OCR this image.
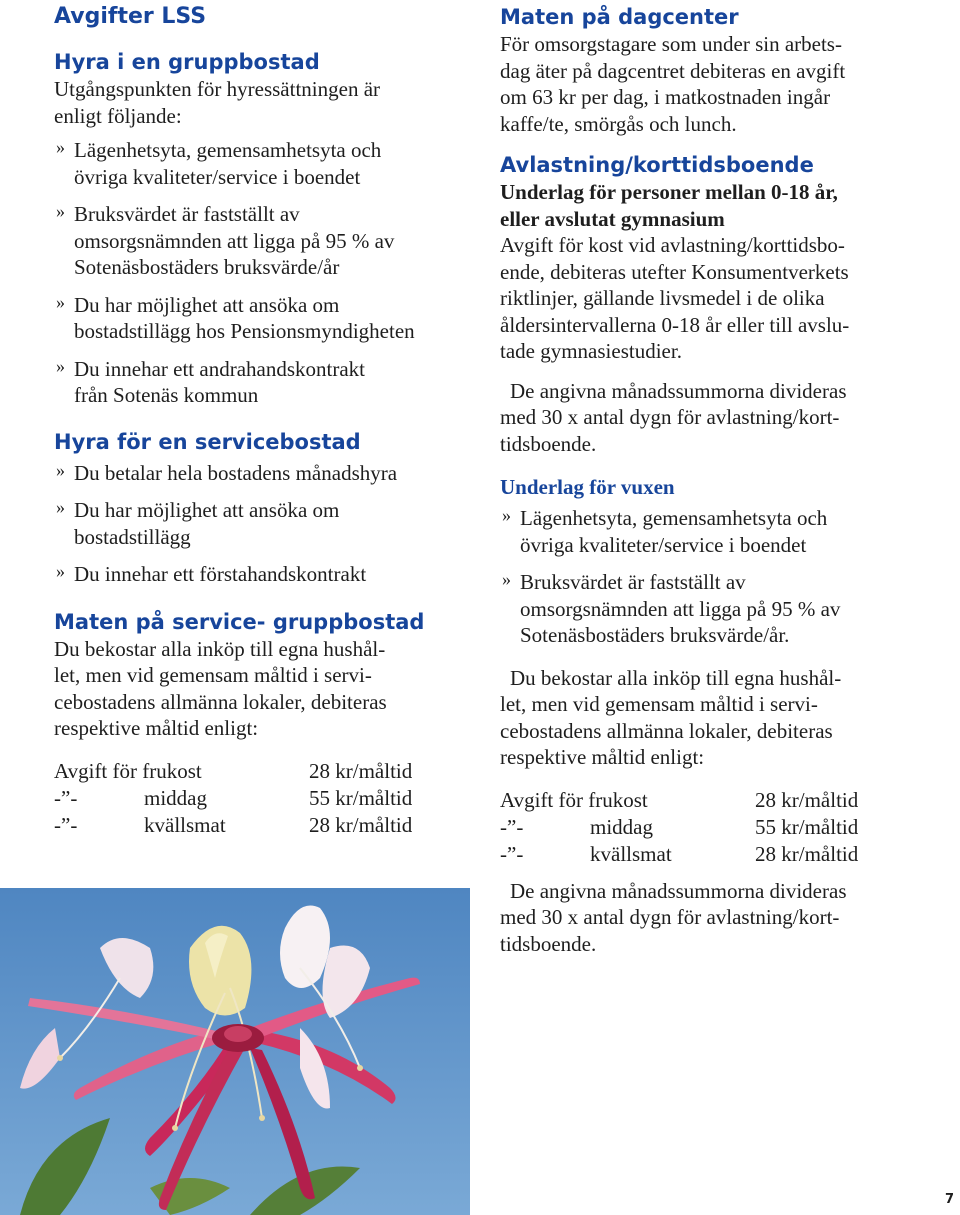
Avgifter LSS
Hyra i en gruppbostad
Utgångspunkten för hyressättningen är
enligt följande:
» Lägenhetsyta, gemensamhetsyta och
övriga kvaliteter/service i boendet
» Bruksvärdet är fastställt av
omsorgsnämnden att ligga på 95 % av
Sotenäsbostäders bruksvärde/år
» Du har möjlighet att ansöka om
bostadstillägg hos Pensionsmyndigheten
» Du innehar ett andrahandskontrakt
från Sotenäs kommun
Hyra för en servicebostad
» Du betalar hela bostadens månadshyra
» Du har möjlighet att ansöka om
bostadstillägg
» Du innehar ett förstahandskontrakt
Maten på service- gruppbostad
Du bekostar alla inköp till egna hushål-
let, men vid gemensam måltid i servi-
cebostadens allmänna lokaler, debiteras
respektive måltid enligt:
Avgift för frukost	28 kr/måltid
-”-	middag	55 kr/måltid
-”-	kvällsmat	28 kr/måltid
Maten på dagcenter
För omsorgstagare som under sin arbets-
dag äter på dagcentret debiteras en avgift
om 63 kr per dag, i matkostnaden ingår
kaffe/te, smörgås och lunch.
Avlastning/korttidsboende
Underlag för personer mellan 0-18 år,
eller avslutat gymnasium
Avgift för kost vid avlastning/korttidsbo-
ende, debiteras utefter Konsumentverkets
riktlinjer, gällande livsmedel i de olika
åldersintervallerna 0-18 år eller till avslu-
tade gymnasiestudier.
De angivna månadssummorna divideras
med 30 x antal dygn för avlastning/kort-
tidsboende.
Underlag för vuxen
» Lägenhetsyta, gemensamhetsyta och
övriga kvaliteter/service i boendet
» Bruksvärdet är fastställt av
omsorgsnämnden att ligga på 95 % av
Sotenäsbostäders bruksvärde/år.
Du bekostar alla inköp till egna hushål-
let, men vid gemensam måltid i servi-
cebostadens allmänna lokaler, debiteras
respektive måltid enligt:
Avgift för frukost	28 kr/måltid
-”-	middag	55 kr/måltid
-”-	kvällsmat	28 kr/måltid
De angivna månadssummorna divideras
med 30 x antal dygn för avlastning/kort-
tidsboende.
7
